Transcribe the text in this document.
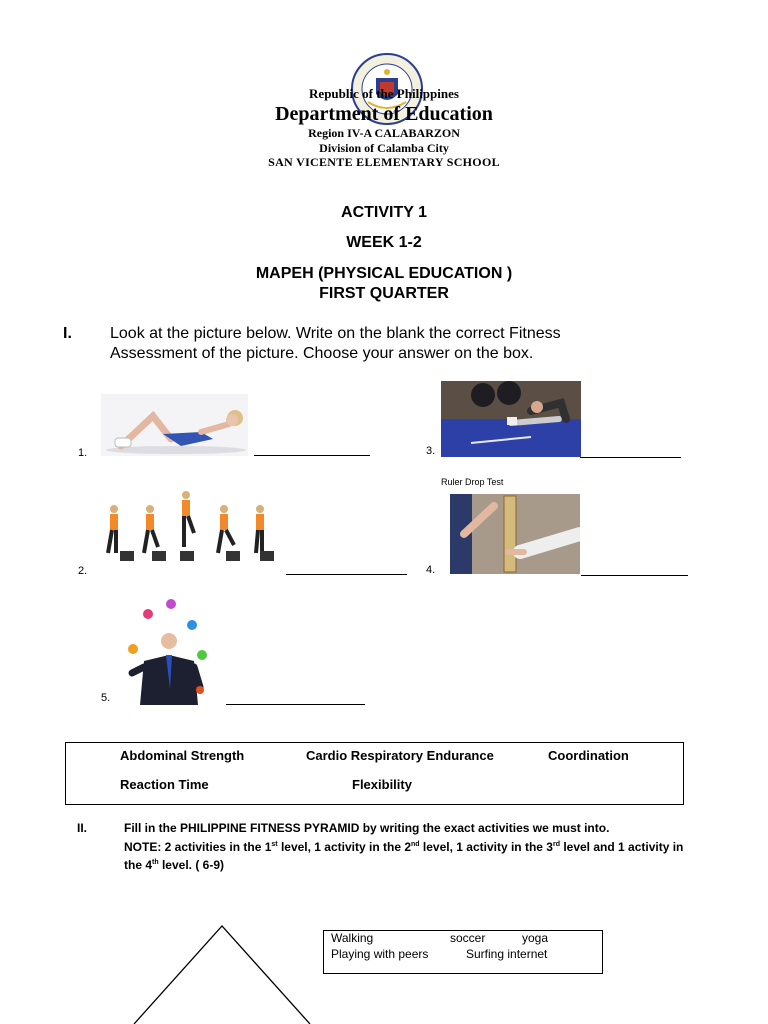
Republic of the Philippines
Department of Education
Region IV-A CALABARZON
Division of Calamba City
SAN VICENTE ELEMENTARY SCHOOL
ACTIVITY 1
WEEK 1-2
MAPEH (PHYSICAL EDUCATION )
FIRST QUARTER
I. Look at the picture below. Write on the blank the correct Fitness
Assessment of the picture. Choose your answer on the box.
1.	3.
2.
Ruler Drop Test
4.
5.
Abdominal Strength	Cardio Respiratory Endurance	Coordination
Reaction Time	Flexibility
II.	Fill in the PHILIPPINE FITNESS PYRAMID by writing the exact activities we must into.
NOTE: 2 activities in the 1st level, 1 activity in the 2nd level, 1 activity in the 3rd level and 1 activity in
the 4th level. ( 6-9)
Walking	soccer	yoga
Playing with peers	Surfing internet
